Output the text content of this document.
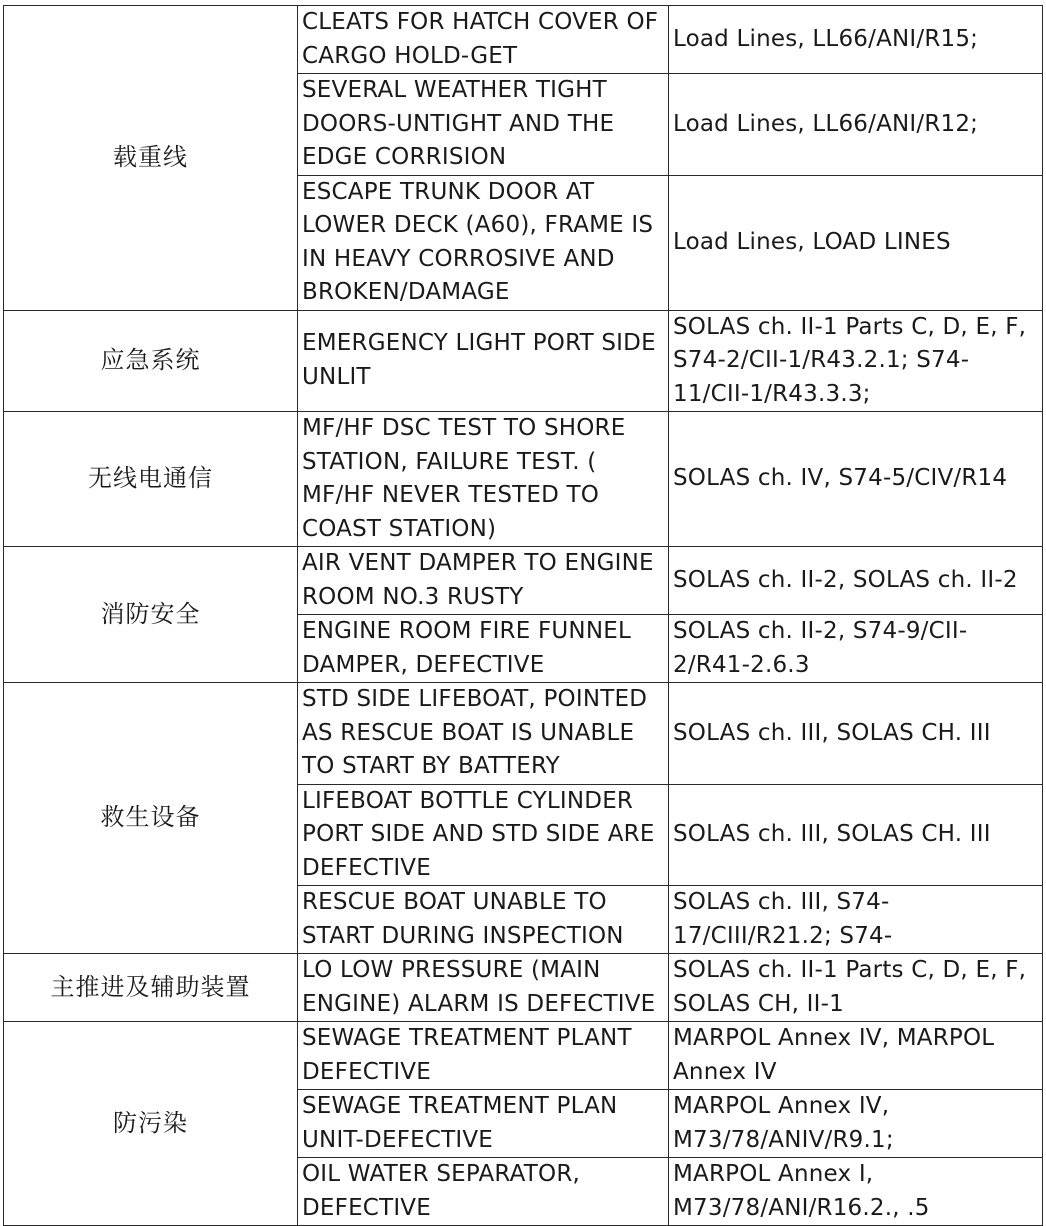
载重线	CLEATS FOR HATCH COVER OF CARGO HOLD-GET	Load Lines, LL66/ANI/R15;
	SEVERAL WEATHER TIGHT DOORS-UNTIGHT AND THE EDGE CORRISION	Load Lines, LL66/ANI/R12;
	ESCAPE TRUNK DOOR AT LOWER DECK (A60), FRAME IS IN HEAVY CORROSIVE AND BROKEN/DAMAGE	Load Lines, LOAD LINES
应急系统	EMERGENCY LIGHT PORT SIDE UNLIT	SOLAS ch. II-1 Parts C, D, E, F, S74-2/CII-1/R43.2.1; S74-11/CII-1/R43.3.3;
无线电通信	MF/HF DSC TEST TO SHORE STATION, FAILURE TEST. ( MF/HF NEVER TESTED TO COAST STATION)	SOLAS ch. IV, S74-5/CIV/R14
消防安全	AIR VENT DAMPER TO ENGINE ROOM NO.3 RUSTY	SOLAS ch. II-2, SOLAS ch. II-2
	ENGINE ROOM FIRE FUNNEL DAMPER, DEFECTIVE	SOLAS ch. II-2, S74-9/CII-2/R41-2.6.3
救生设备	STD SIDE LIFEBOAT, POINTED AS RESCUE BOAT IS UNABLE TO START BY BATTERY	SOLAS ch. III, SOLAS CH. III
	LIFEBOAT BOTTLE CYLINDER PORT SIDE AND STD SIDE ARE DEFECTIVE	SOLAS ch. III, SOLAS CH. III
	RESCUE BOAT UNABLE TO START DURING INSPECTION	SOLAS ch. III, S74-17/CIII/R21.2; S74-
主推进及辅助装置	LO LOW PRESSURE (MAIN ENGINE) ALARM IS DEFECTIVE	SOLAS ch. II-1 Parts C, D, E, F, SOLAS CH, II-1
防污染	SEWAGE TREATMENT PLANT DEFECTIVE	MARPOL Annex IV, MARPOL Annex IV
	SEWAGE TREATMENT PLAN UNIT-DEFECTIVE	MARPOL Annex IV, M73/78/ANIV/R9.1;
	OIL WATER SEPARATOR, DEFECTIVE	MARPOL Annex I, M73/78/ANI/R16.2., .5
